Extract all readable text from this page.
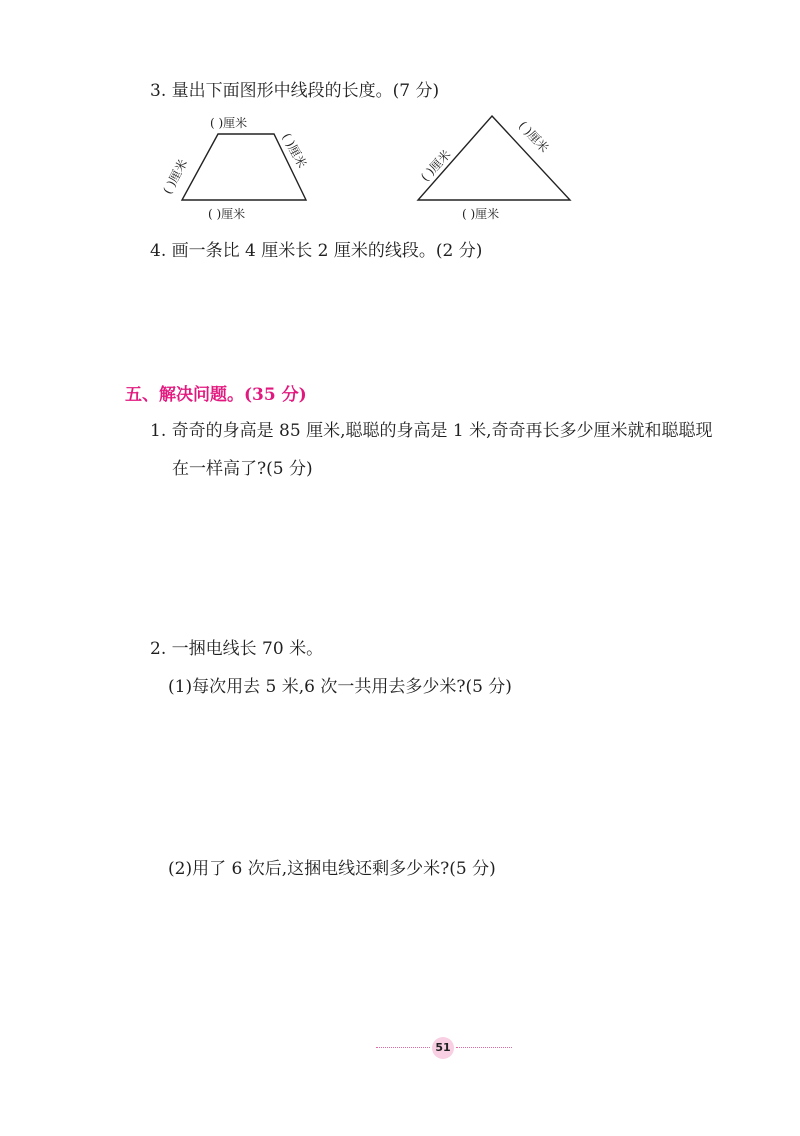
3. 量出下面图形中线段的长度。(7 分)
( )厘米
( )厘米
( )厘米
( )厘米
( )厘米
( )厘米
( )厘米
4. 画一条比 4 厘米长 2 厘米的线段。(2 分)
五、解决问题。(35 分)
1. 奇奇的身高是 85 厘米,聪聪的身高是 1 米,奇奇再长多少厘米就和聪聪现
在一样高了?(5 分)
2. 一捆电线长 70 米。
(1)每次用去 5 米,6 次一共用去多少米?(5 分)
(2)用了 6 次后,这捆电线还剩多少米?(5 分)
51
